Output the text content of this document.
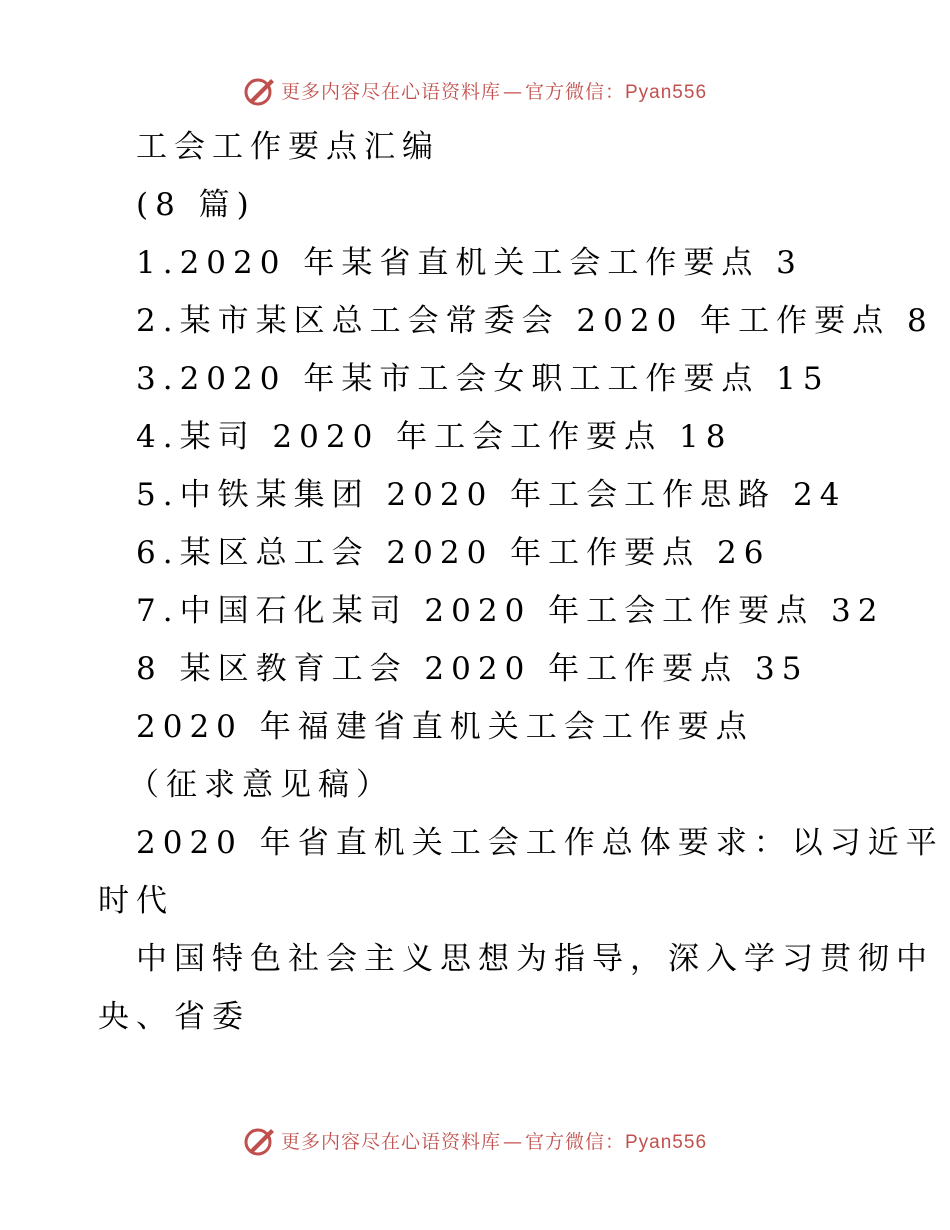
更多内容尽在心语资料库 — 官方微信：Pyan556
工会工作要点汇编
(8 篇)
1.2020 年某省直机关工会工作要点 3
2.某市某区总工会常委会 2020 年工作要点 8
3.2020 年某市工会女职工工作要点 15
4.某司 2020 年工会工作要点 18
5.中铁某集团 2020 年工会工作思路 24
6.某区总工会 2020 年工作要点 26
7.中国石化某司 2020 年工会工作要点 32
8 某区教育工会 2020 年工作要点 35
2020 年福建省直机关工会工作要点
（征求意见稿）
2020 年省直机关工会工作总体要求：以习近平
时代
中国特色社会主义思想为指导，深入学习贯彻中
央、省委
更多内容尽在心语资料库 — 官方微信：Pyan556
